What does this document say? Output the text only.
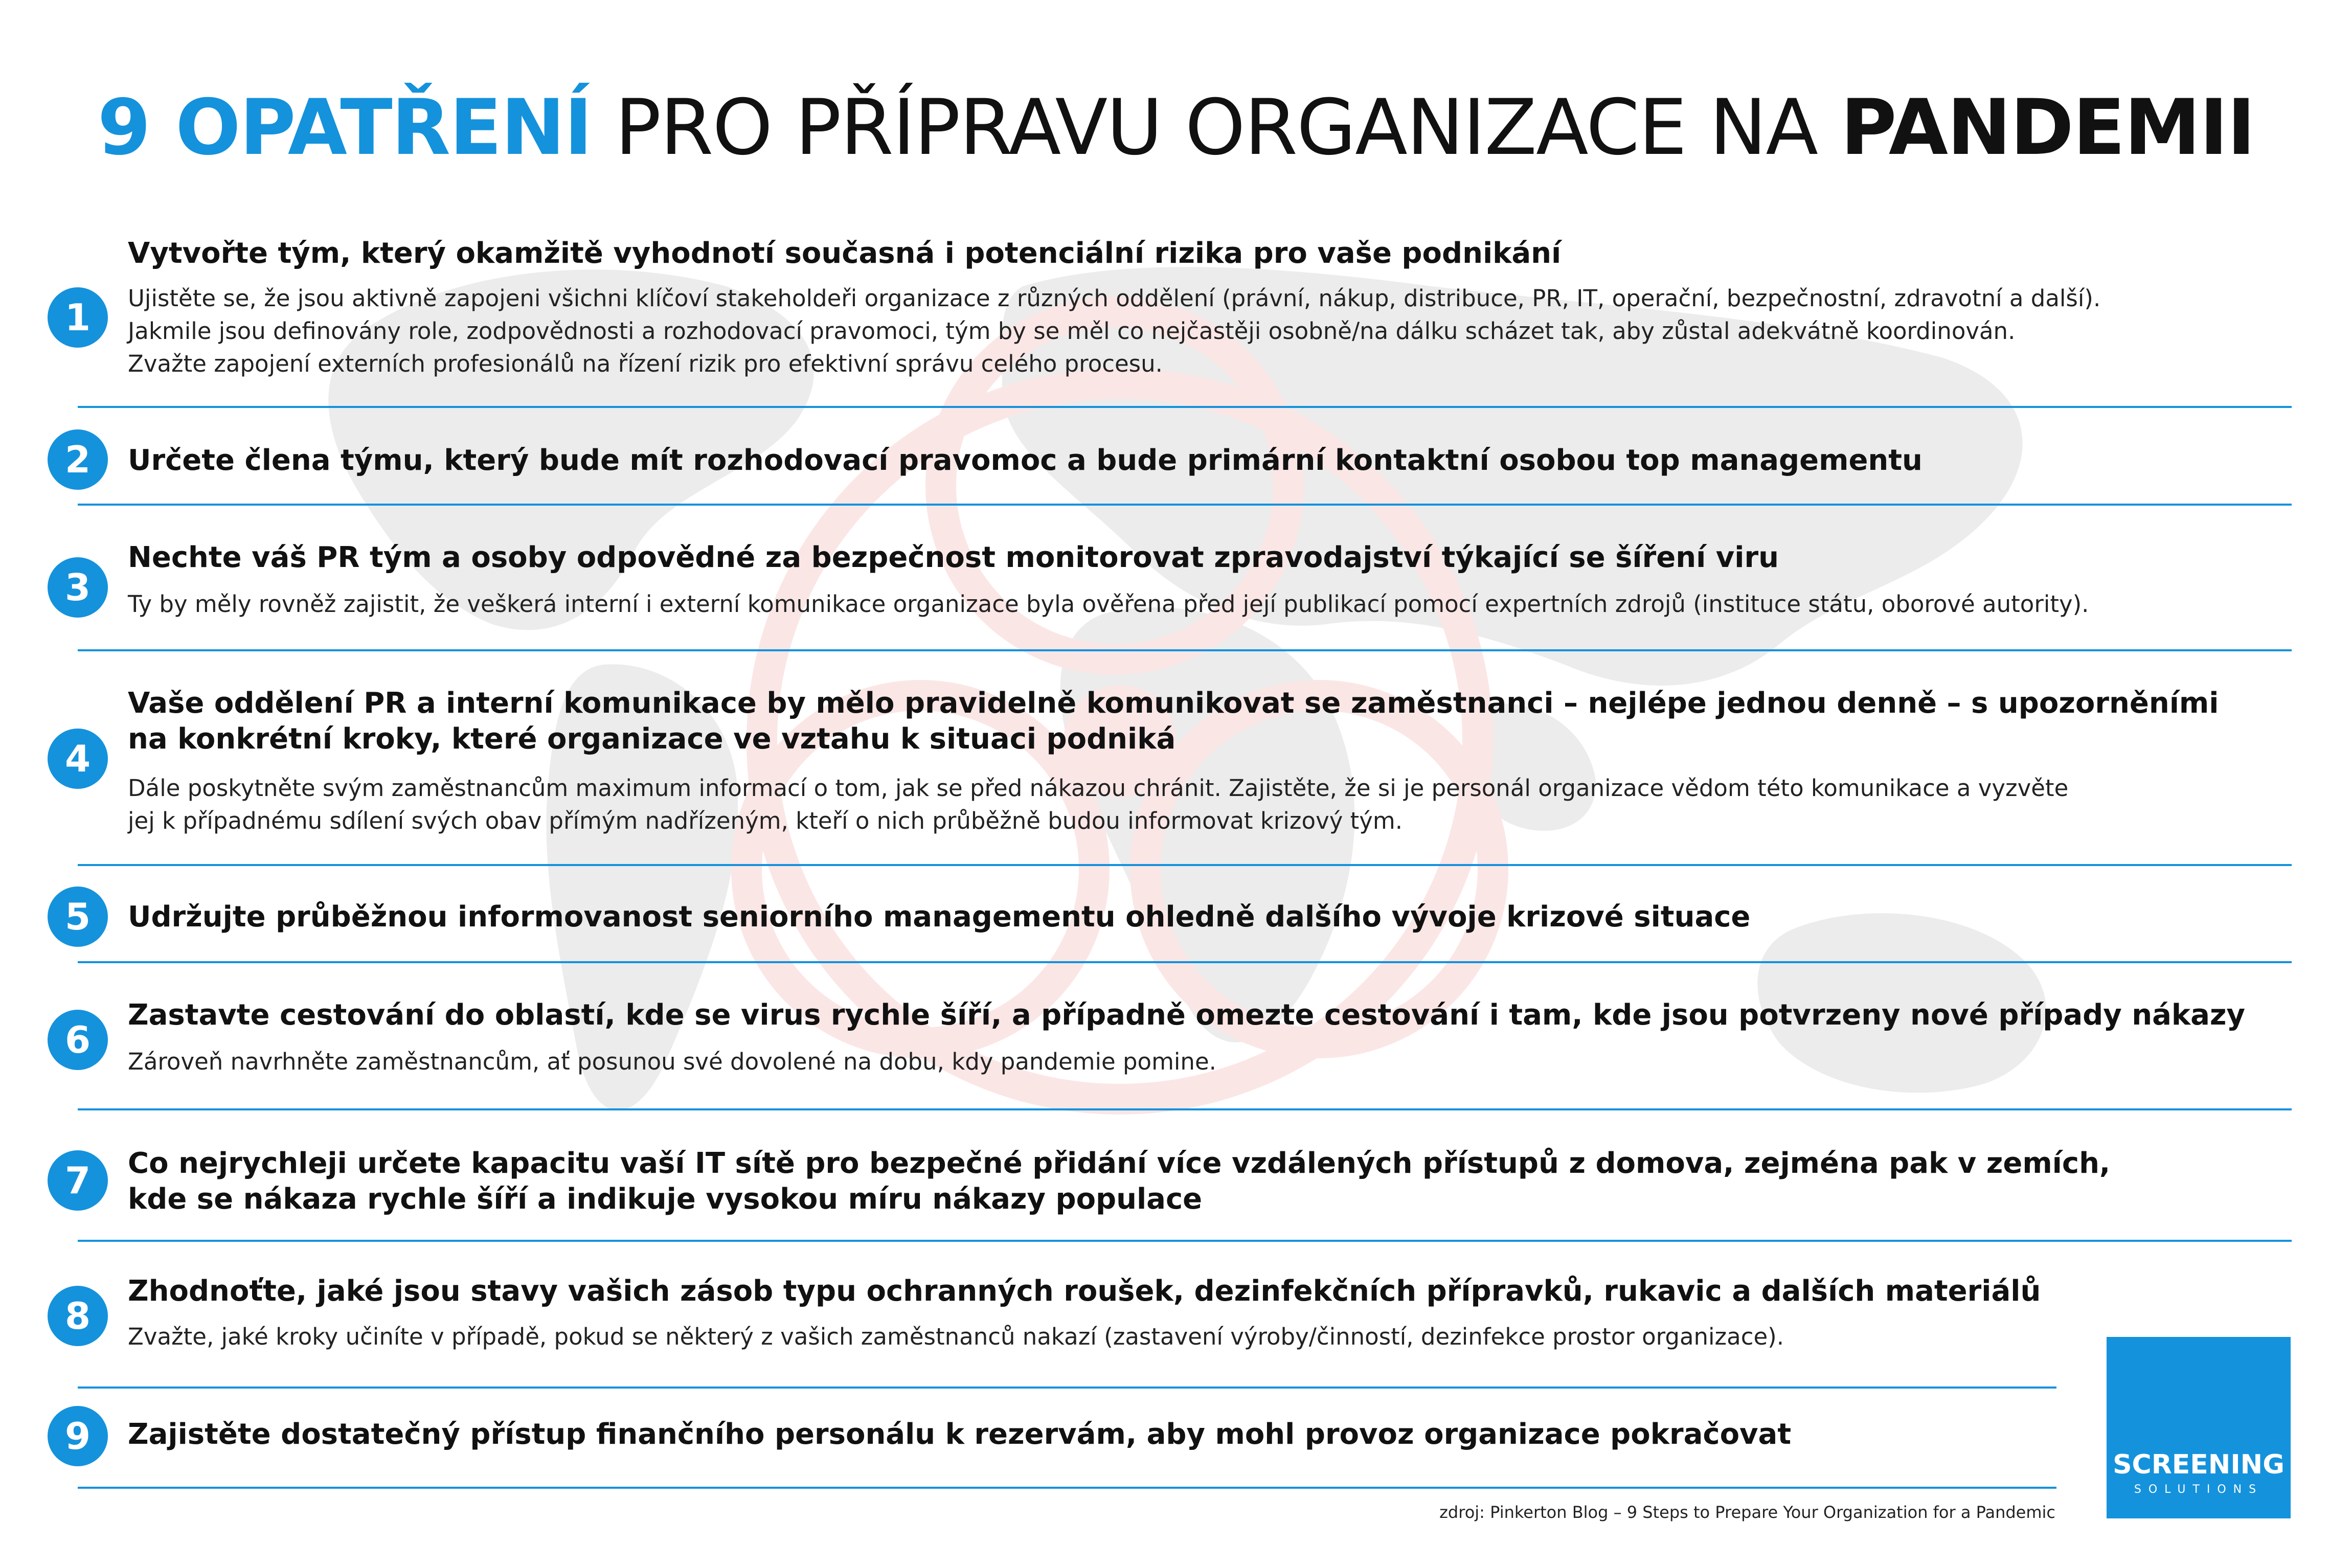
9 OPATŘENÍ PRO PŘÍPRAVU ORGANIZACE NA PANDEMII
1
Vytvořte tým, který okamžitě vyhodnotí současná i potenciální rizika pro vaše podnikání
Ujistěte se, že jsou aktivně zapojeni všichni klíčoví stakeholdeři organizace z různých oddělení (právní, nákup, distribuce, PR, IT, operační, bezpečnostní, zdravotní a další).
Jakmile jsou definovány role, zodpovědnosti a rozhodovací pravomoci, tým by se měl co nejčastěji osobně/na dálku scházet tak, aby zůstal adekvátně koordinován.
Zvažte zapojení externích profesionálů na řízení rizik pro efektivní správu celého procesu.
2	Určete člena týmu, který bude mít rozhodovací pravomoc a bude primární kontaktní osobou top managementu
3
Nechte váš PR tým a osoby odpovědné za bezpečnost monitorovat zpravodajství týkající se šíření viru
Ty by měly rovněž zajistit, že veškerá interní i externí komunikace organizace byla ověřena před její publikací pomocí expertních zdrojů (instituce státu, oborové autority).
4
Vaše oddělení PR a interní komunikace by mělo pravidelně komunikovat se zaměstnanci – nejlépe jednou denně – s upozorněními
na konkrétní kroky, které organizace ve vztahu k situaci podniká
Dále poskytněte svým zaměstnancům maximum informací o tom, jak se před nákazou chránit. Zajistěte, že si je personál organizace vědom této komunikace a vyzvěte
jej k případnému sdílení svých obav přímým nadřízeným, kteří o nich průběžně budou informovat krizový tým.
5	Udržujte průběžnou informovanost seniorního managementu ohledně dalšího vývoje krizové situace
6
Zastavte cestování do oblastí, kde se virus rychle šíří, a případně omezte cestování i tam, kde jsou potvrzeny nové případy nákazy
Zároveň navrhněte zaměstnancům, ať posunou své dovolené na dobu, kdy pandemie pomine.
7	Co nejrychleji určete kapacitu vaší IT sítě pro bezpečné přidání více vzdálených přístupů z domova, zejména pak v zemích,
kde se nákaza rychle šíří a indikuje vysokou míru nákazy populace
8
Zhodnoťte, jaké jsou stavy vašich zásob typu ochranných roušek, dezinfekčních přípravků, rukavic a dalších materiálů
Zvažte, jaké kroky učiníte v případě, pokud se některý z vašich zaměstnanců nakazí (zastavení výroby/činností, dezinfekce prostor organizace).
9	Zajistěte dostatečný přístup finančního personálu k rezervám, aby mohl provoz organizace pokračovat
SCREENING
SOLUTIONS
zdroj: Pinkerton Blog – 9 Steps to Prepare Your Organization for a Pandemic
